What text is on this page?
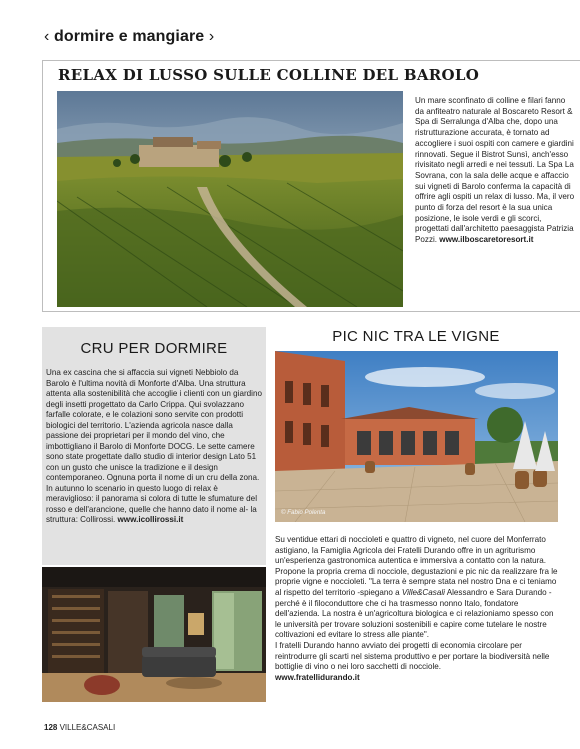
‹ dormire e mangiare ›
RELAX DI LUSSO SULLE COLLINE DEL BAROLO
Un mare sconfinato di colline e filari fanno da anfiteatro naturale al Boscareto Resort & Spa di Serralunga d'Alba che, dopo una ristrutturazione accurata, è tornato ad accogliere i suoi ospiti con camere e giardini rinnovati. Segue il Bistrot Sunsì, anch'esso rivisitato negli arredi e nei tessuti. La Spa La Sovrana, con la sala delle acque e affaccio sui vigneti di Barolo conferma la capacità di offrire agli ospiti un relax di lusso. Ma, il vero punto di forza del resort è la sua unica posizione, le isole verdi e gli scorci, progettati dall'architetto paesaggista Patrizia Pozzi. www.ilboscaretoresort.it
CRU PER DORMIRE
Una ex cascina che si affaccia sui vigneti Nebbiolo da Barolo è l'ultima novità di Monforte d'Alba. Una struttura attenta alla sostenibilità che accoglie i clienti con un giardino degli insetti progettato da Carlo Crippa. Qui svolazzano farfalle colorate, e le colazioni sono servite con prodotti biologici del territorio. L'azienda agricola nasce dalla passione dei proprietari per il mondo del vino, che imbottigliano il Barolo di Monforte DOCG. Le sette camere sono state progettate dallo studio di interior design Lato 51 con un gusto che unisce la tradizione e il design contemporaneo. Ognuna porta il nome di un cru della zona. In autunno lo scenario in questo luogo di relax è meraviglioso: il panorama si colora di tutte le sfumature del rosso e dell'arancione, quelle che hanno dato il nome al- la struttura: Collirossi. www.icollirossi.it
PIC NIC TRA LE VIGNE
© Fabio Polenta
Su ventidue ettari di noccioleti e quattro di vigneto, nel cuore del Monferrato astigiano, la Famiglia Agricola dei Fratelli Durando offre in un agriturismo un'esperienza gastronomica autentica e immersiva a contatto con la natura. Propone la propria crema di nocciole, degustazioni e pic nic da realizzare fra le proprie vigne e noccioleti. "La terra è sempre stata nel nostro Dna e ci teniamo al rispetto del territorio -spiegano a Ville&Casali Alessandro e Sara Durando - perché è il filoconduttore che ci ha trasmesso nonno Italo, fondatore dell'azienda. La nostra è un'agricoltura biologica e ci relazioniamo spesso con le università per trovare soluzioni sostenibili e capire come tutelare le nostre coltivazioni ed evitare lo stress alle piante".
I fratelli Durando hanno avviato dei progetti di economia circolare per reintrodurre gli scarti nel sistema produttivo e per portare la biodiversità nelle bottiglie di vino o nei loro sacchetti di nocciole.
www.fratellidurando.it
128 VILLE&CASALI
